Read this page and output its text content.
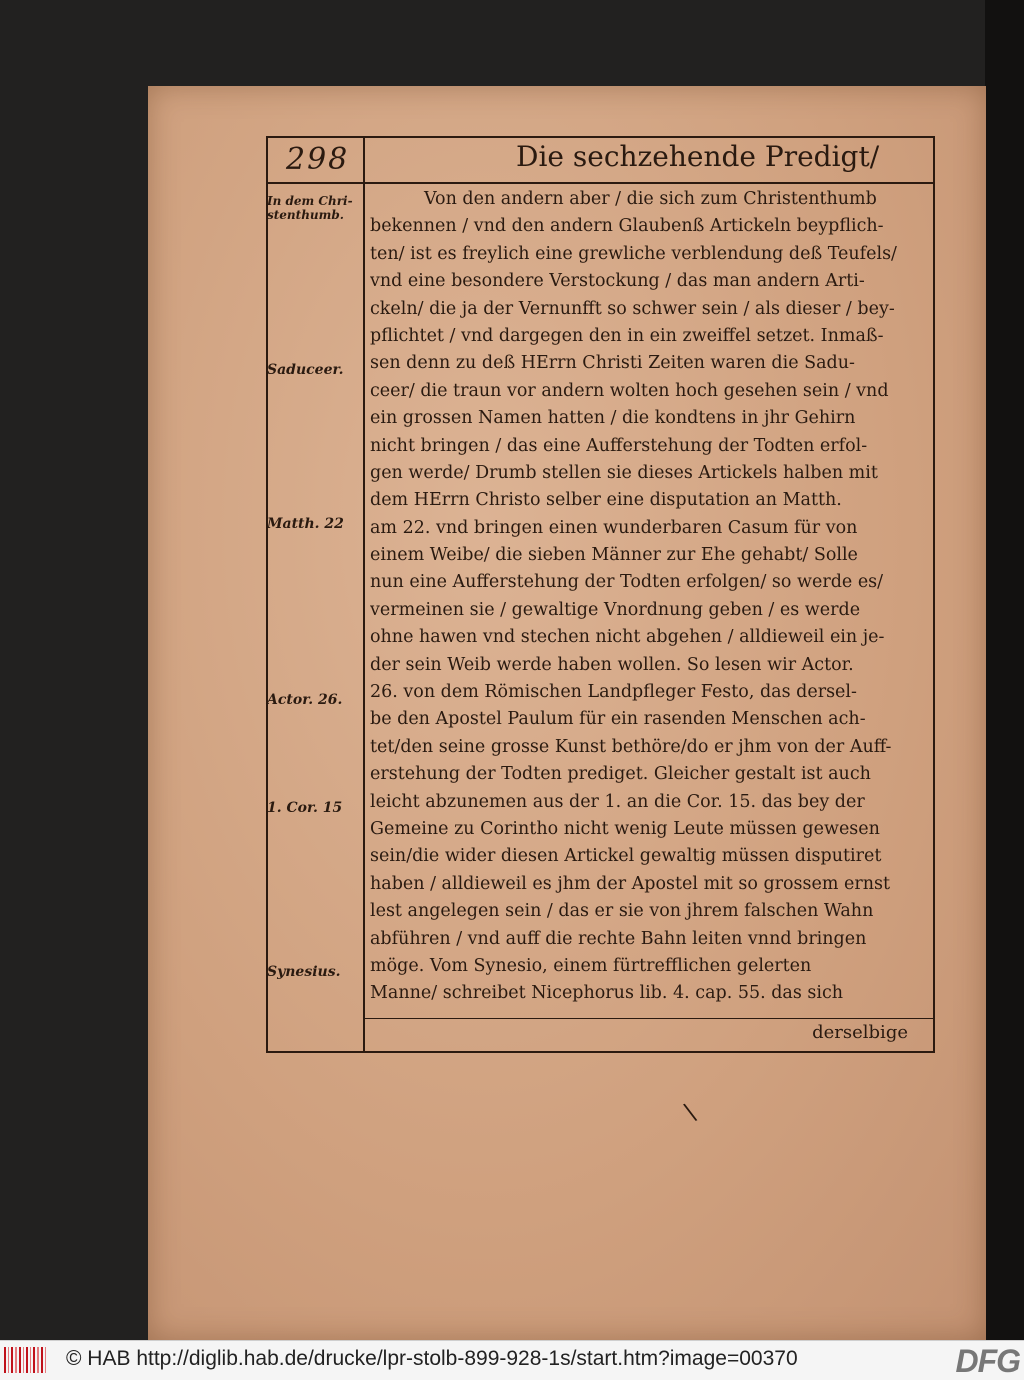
298	Die sechzehende Predigt/
In dem Chri-
stenthumb.
Saduceer.
Matth. 22
Actor. 26.
1. Cor. 15
Synesius.
Von den andern aber / die sich zum Christenthumb
bekennen / vnd den andern Glaubenß Artickeln beypflich-
ten/ ist es freylich eine grewliche verblendung deß Teufels/
vnd eine besondere Verstockung / das man andern Arti-
ckeln/ die ja der Vernunfft so schwer sein / als dieser / bey-
pflichtet / vnd dargegen den in ein zweiffel setzet. Inmaß-
sen denn zu deß HErrn Christi Zeiten waren die Sadu-
ceer/ die traun vor andern wolten hoch gesehen sein / vnd
ein grossen Namen hatten / die kondtens in jhr Gehirn
nicht bringen / das eine Aufferstehung der Todten erfol-
gen werde/ Drumb stellen sie dieses Artickels halben mit
dem HErrn Christo selber eine disputation an Matth.
am 22. vnd bringen einen wunderbaren Casum für von
einem Weibe/ die sieben Männer zur Ehe gehabt/ Solle
nun eine Aufferstehung der Todten erfolgen/ so werde es/
vermeinen sie / gewaltige Vnordnung geben / es werde
ohne hawen vnd stechen nicht abgehen / alldieweil ein je-
der sein Weib werde haben wollen. So lesen wir Actor.
26. von dem Römischen Landpfleger Festo, das dersel-
be den Apostel Paulum für ein rasenden Menschen ach-
tet/den seine grosse Kunst bethöre/do er jhm von der Auff-
erstehung der Todten prediget. Gleicher gestalt ist auch
leicht abzunemen aus der 1. an die Cor. 15. das bey der
Gemeine zu Corintho nicht wenig Leute müssen gewesen
sein/die wider diesen Artickel gewaltig müssen disputiret
haben / alldieweil es jhm der Apostel mit so grossem ernst
lest angelegen sein / das er sie von jhrem falschen Wahn
abführen / vnd auff die rechte Bahn leiten vnnd bringen
möge. Vom Synesio, einem fürtrefflichen gelerten
Manne/ schreibet Nicephorus lib. 4. cap. 55. das sich
derselbige
\
© HAB http://diglib.hab.de/drucke/lpr-stolb-899-928-1s/start.htm?image=00370	DFG
